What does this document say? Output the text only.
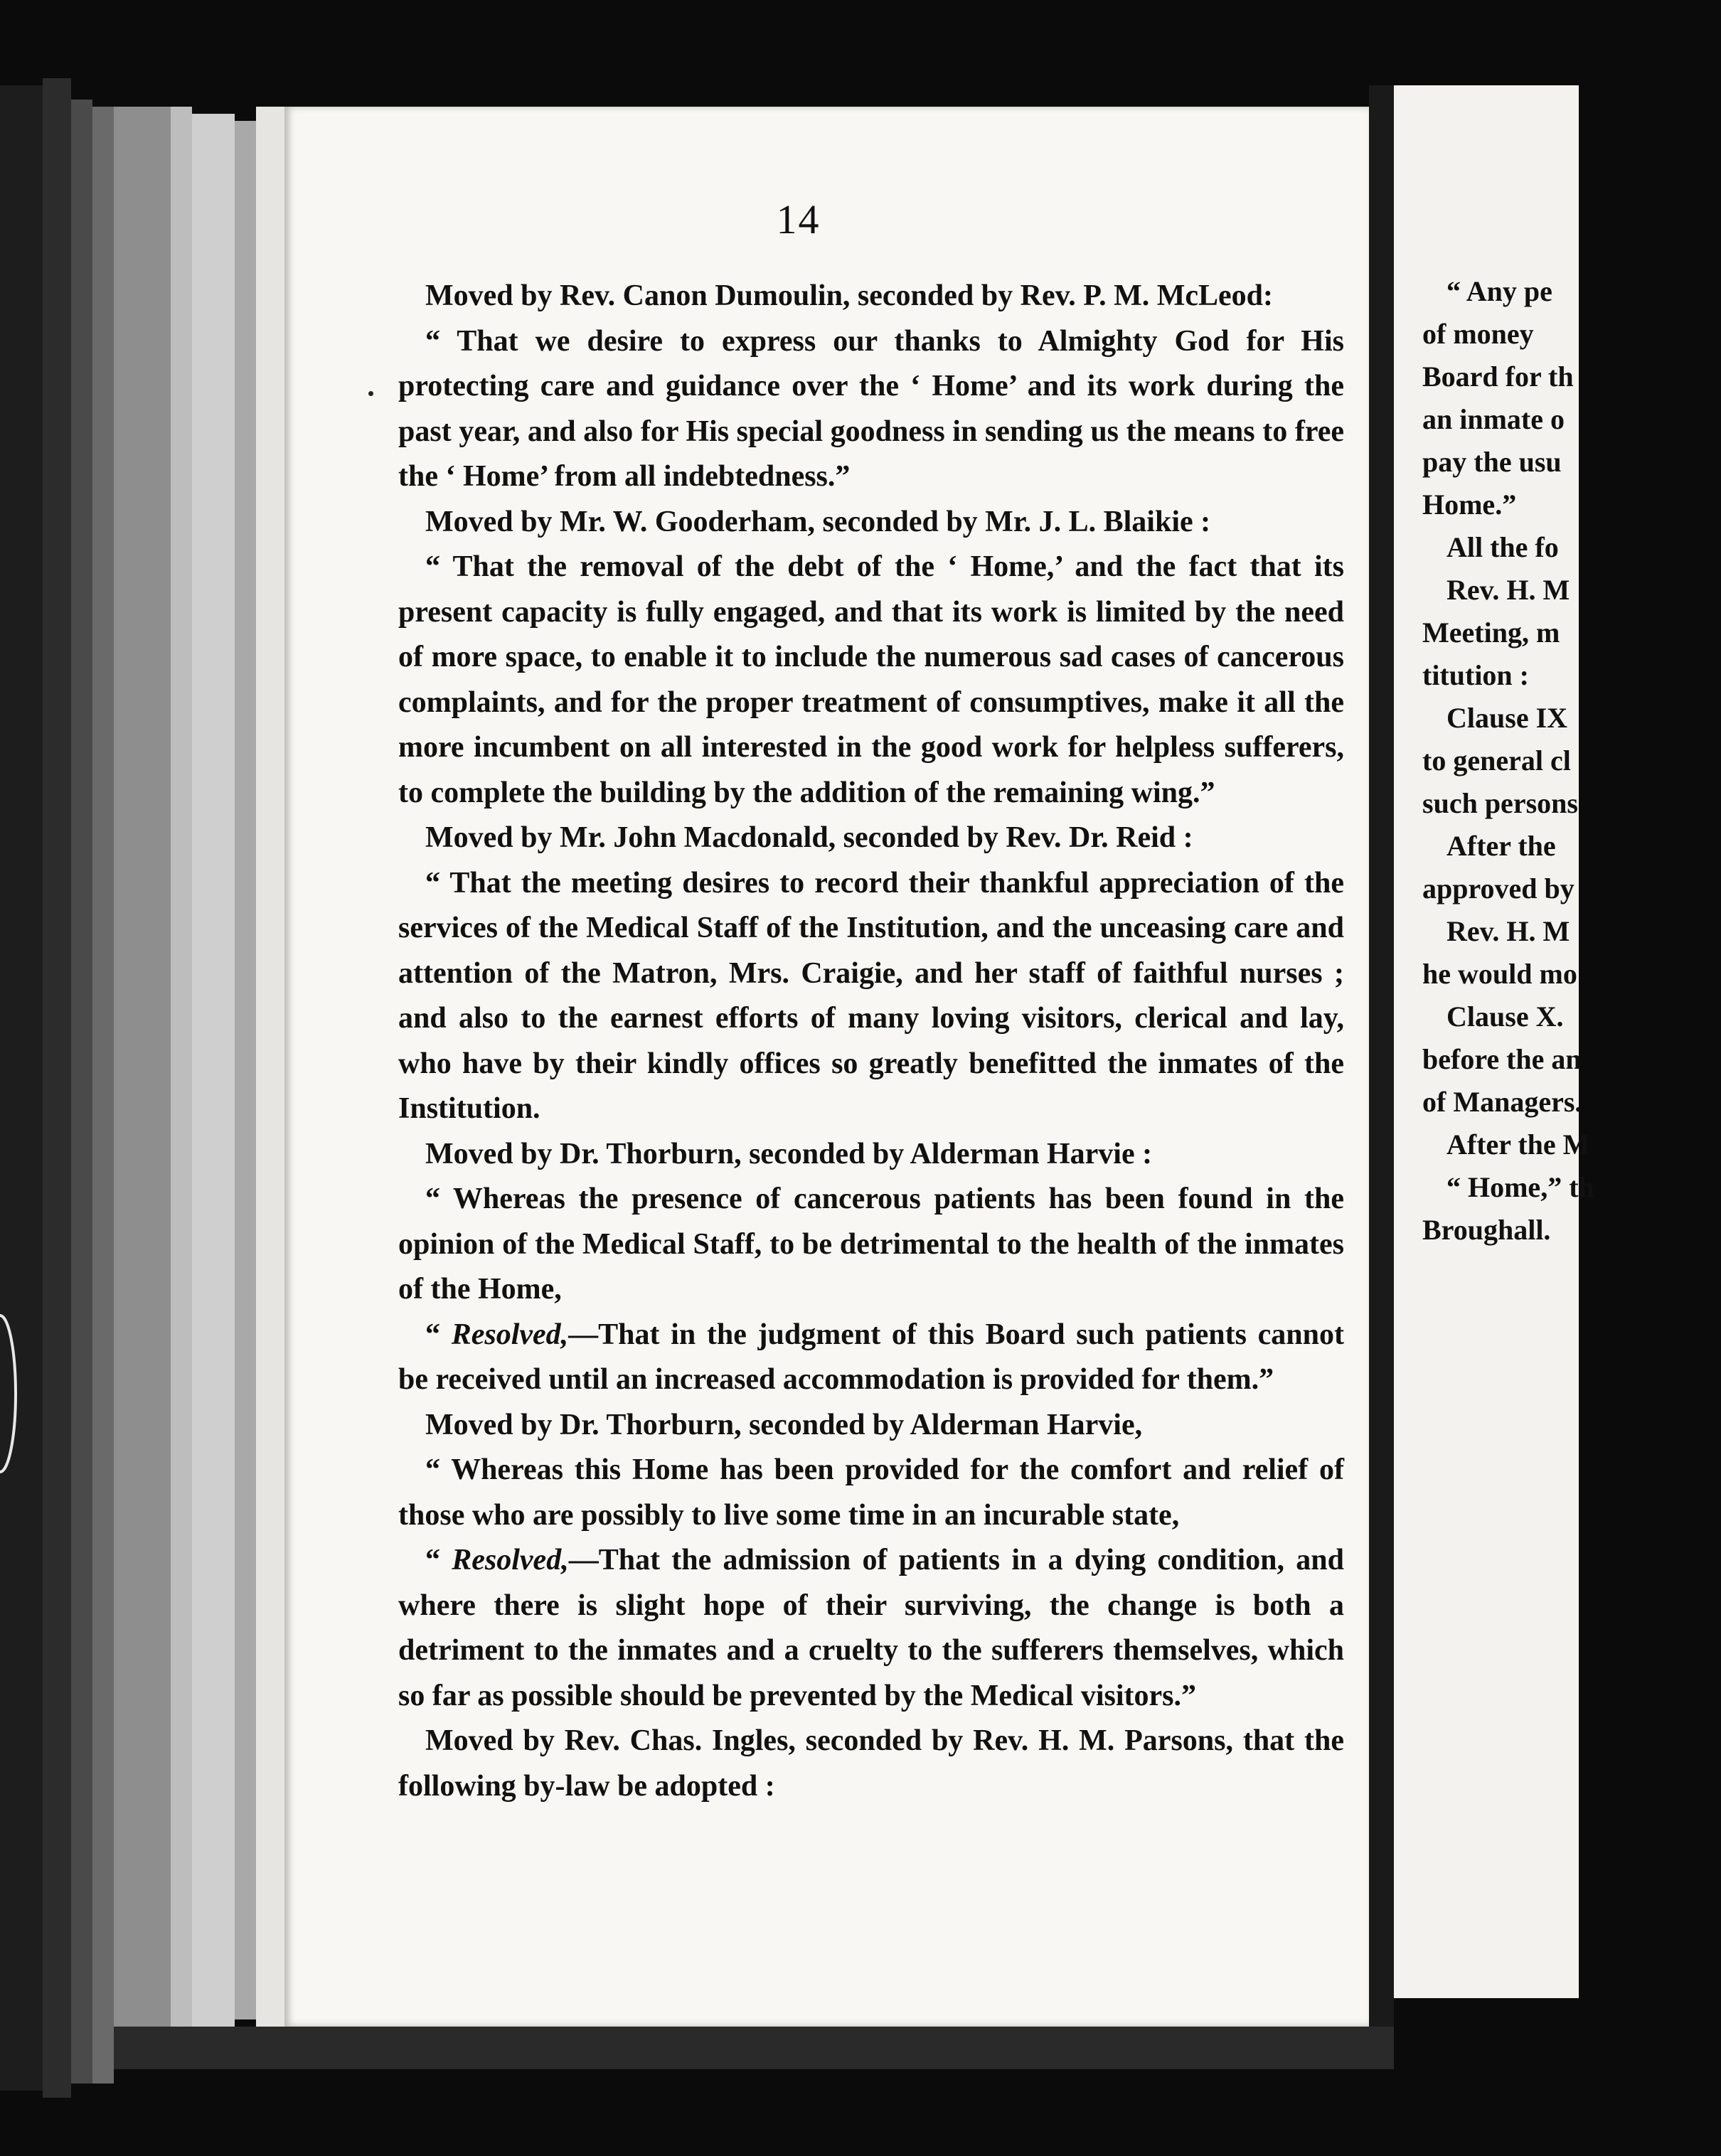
14

Moved by Rev. Canon Dumoulin, seconded by Rev. P. M. McLeod:

“ That we desire to express our thanks to Almighty God for His protecting care and guidance over the ‘ Home’ and its work during the past year, and also for His special goodness in sending us the means to free the ‘ Home’ from all indebtedness.”

Moved by Mr. W. Gooderham, seconded by Mr. J. L. Blaikie :

“ That the removal of the debt of the ‘ Home,’ and the fact that its present capacity is fully engaged, and that its work is limited by the need of more space, to enable it to include the numerous sad cases of cancerous complaints, and for the proper treatment of consumptives, make it all the more incumbent on all interested in the good work for helpless sufferers, to complete the building by the addition of the remaining wing.”

Moved by Mr. John Macdonald, seconded by Rev. Dr. Reid :

“ That the meeting desires to record their thankful appreciation of the services of the Medical Staff of the Institution, and the unceasing care and attention of the Matron, Mrs. Craigie, and her staff of faithful nurses ; and also to the earnest efforts of many loving visitors, clerical and lay, who have by their kindly offices so greatly benefitted the inmates of the Institution.

Moved by Dr. Thorburn, seconded by Alderman Harvie :

“ Whereas the presence of cancerous patients has been found in the opinion of the Medical Staff, to be detrimental to the health of the inmates of the Home,

“ Resolved,—That in the judgment of this Board such patients cannot be received until an increased accommodation is provided for them.”

Moved by Dr. Thorburn, seconded by Alderman Harvie,

“ Whereas this Home has been provided for the comfort and relief of those who are possibly to live some time in an incurable state,

“ Resolved,—That the admission of patients in a dying condition, and where there is slight hope of their surviving, the change is both a detriment to the inmates and a cruelty to the sufferers themselves, which so far as possible should be prevented by the Medical visitors.”

Moved by Rev. Chas. Ingles, seconded by Rev. H. M. Parsons, that the following by-law be adopted :

“ Any pe
of money
Board for th
an inmate o
pay the usu
Home.”
All the fo
Rev. H. M
Meeting, m
titution :
Clause IX
to general cl
such persons
After the
approved by
Rev. H. M
he would mo
Clause X.
before the an
of Managers.
After the M
“ Home,” th
Broughall.
